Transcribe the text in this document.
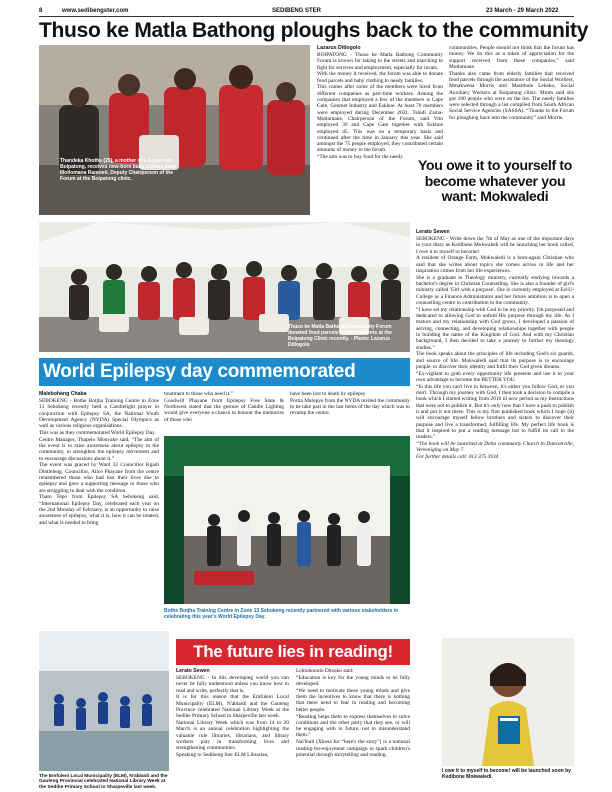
8	www.sedibengster.com	SEDIBENG STER	23 March - 29 March 2022
Thuso ke Matla Bathong ploughs back to the community
Thandeka Khotha (25), a mother of a 1-year-old Boipatong, receives new-born baby clothes from Motlomana Ramoeti, Deputy Chairperson of the Forum at the Boipatong clinic.
Lazarus Ditlogolo

BOIPATONG - Thuso ke Matla Bathong Community Forum is known for taking to the streets and marching to fight for services and employment, especially for locals.

With the money it received, the forum was able to donate food parcels and baby clothing to needy families.

This comes after some of the members were hired from different companies as part-time workers. Among the companies that employed a few of the members is Cape Gate, Genmet Industry and Eskhoe. At least 70 members were employed during December 2021. Tshidi Zama-Motlomane, Chairperson of the Forum, said Vito employed 30 and Cape Gate together with Eskhoe employed 45. This was on a temporary basis and continued after the time in January this year. She said amongst the 75 people employed, they contributed certain amounts of money to the forum.

“The aim was to buy food for the needy

communities. People should not think that the forum has money. We do this as a token of appreciation for the support received from these companies,” said Motlomane.

Thanks also came from elderly families that received food parcels through the assistance of the Social Workers, Mmakwena Morris and Masithole Lebeko, Social Auxiliary Workers at Boipatong clinic. Mmm said she got 100 people who were on the list. The needy families were selected through a list compiled from South African Social Service Agencies (SASSA). “Thanks to the Forum for ploughing back into the community” said Morris.

Thuso ke Matla Bathong Community Forum donated food parcels to the residents at the Boipatong Clinic recently. - Photo: Lazarus Ditlogolo
You owe it to yourself to become whatever you want: Mokwaledi
Lerato Sewen

SEBOKENG - Write down the 7th of May as one of the important days in your diary as Kedibone Mokwaledi will be launching her book called, I owe it to myself to become!

A resident of Orange Farm, Mokwaledi is a born-again Christian who said that she writes about topics she comes across in life and her inspiration comes from her life experiences.

She is a graduate in Theology ministry, currently studying towards a bachelor's degree in Christian Counselling. She is also a founder of girl's ministry called 'Girl with a purpose'. She is currently employed at Ed-U-College as a Finance Administrator and her future ambition is to open a counselling centre in contribution to the community.

“I have set my relationship with God to be my priority, I'm purposed and dedicated to allowing God to unfold His purpose through my life. As I mature and my relationship with God grows, I developed a passion of serving, connecting, and developing relationships together with people in building the name of the Kingdom of God. And with my Christian background, I then decided to take a journey to further my theology studies.”

The book speaks about the principles of life including God's six guards, and source of life. Mokwaledi said that its purpose is to encourage people, to discover their identity and fulfil their God given dreams.

“Ex-vigilant to grab every opportunity life presents and use it to your own advantage to become the BETTER YOU.

“In this life you can't live in between, it's either you follow God, or you don't. Through my journey with God, I then took a decision to compile a book which I started writing from 2016 til now period as my Instructions that were not to publish it. But it's only now that I have a push to publish it and put it out there. This is my first published book which I hope (it) will encourage myself fellow brothers and sisters to discover their purpose and live a transformed, fulfilling life. My perfect life book is that it inspired to put a reading message but to fulfill its call to the readers.”

“The book will be launched at Delta community Church in Duncanville, Vereeniging on May 7.

For further details call: 012 375 3934

I owe it to myself to become! will be launched soon by Kedibone Mokwaledi.
World Epilepsy day commemorated
Malebohang Chaba

SEBOKENG - Bothe Botjha Training Centre in Zone 13 Sebokeng recently held a Candlelight prayer in conjunction with Epilepsy SA, the National Youth Development Agency (NYDA) Special Olympics as well as various religious organisations.

This was as they commemorated World Epilepsy Day.

Centre Manager, Thapelo Monyake said, “The aim of the event is to raise awareness about epilepsy in the community, to strengthen the epilepsy movement and to encourage discussions about it.”

The event was graced by Ward 32 Councillor Kgadi Dintleleng. Councillor, Alice Phayane from the centre remembered those who had lost their lives due to epilepsy and gave a supporting message to those who are struggling to deal with the condition.

Thato Tepo from Epilepsy SA Sebokeng said, “International Epilepsy Day, celebrated each year on the 2nd Monday of February, is an opportunity to raise awareness of epilepsy, what it is, how it can be treated, and what is needed to bring

treatment to those who need it.”

Goodwill Phayane from Epilepsy Free State & Northwest stated that the gesture of Candle Lighting would give everyone a chance to honour the memories of those who

have been lost to death by epilepsy.

Portia Malopye from the NYDA invited the community to be take part in the last items of the day which was to revamp the centre.

Bothe Botjha Training Centre in Zone 13 Sebokeng recently partnered with various stakeholders in celebrating this year's World Epilepsy Day.
The Emfuleni Local Municipality (ELM), N'ablaidi and the Gauteng Provincial celebrated National Library Week at the Sedibe Primary School in Sharpeville last week.
The future lies in reading!
Lerato Sewen

SEBOKENG - In this developing world you can never be fully understood unless you know how to read and write, perfectly that is.

It is for this reason that the Emfuleni Local Municipality (ELM), N'ablaidi and the Gauteng Province celebrated National Library Week at the Sedibe Primary School in Sharpeville last week.

National Library Week which was from 14 to 20 March is an annual celebration highlighting the valuable role libraries, librarians, and library workers play in transforming lives and strengthening communities.

Speaking to Sedibeng Ster ELM Librarian,

Lehlohonolo Ditsoko said:

“Education is key for the young minds to be fully developed.

“We need to motivate these young minds and give them the incentives to know that there is nothing that there need to fear in reading and becoming better people.

“Reading helps them to express themselves to solve conditions and the other party that they see, or will be engaging with in future, not to misunderstand them.”

Nal'ibali (Xhosa for “here's the story”) is a national reading-for-enjoyment campaign to spark children's potential through storytelling and reading.
